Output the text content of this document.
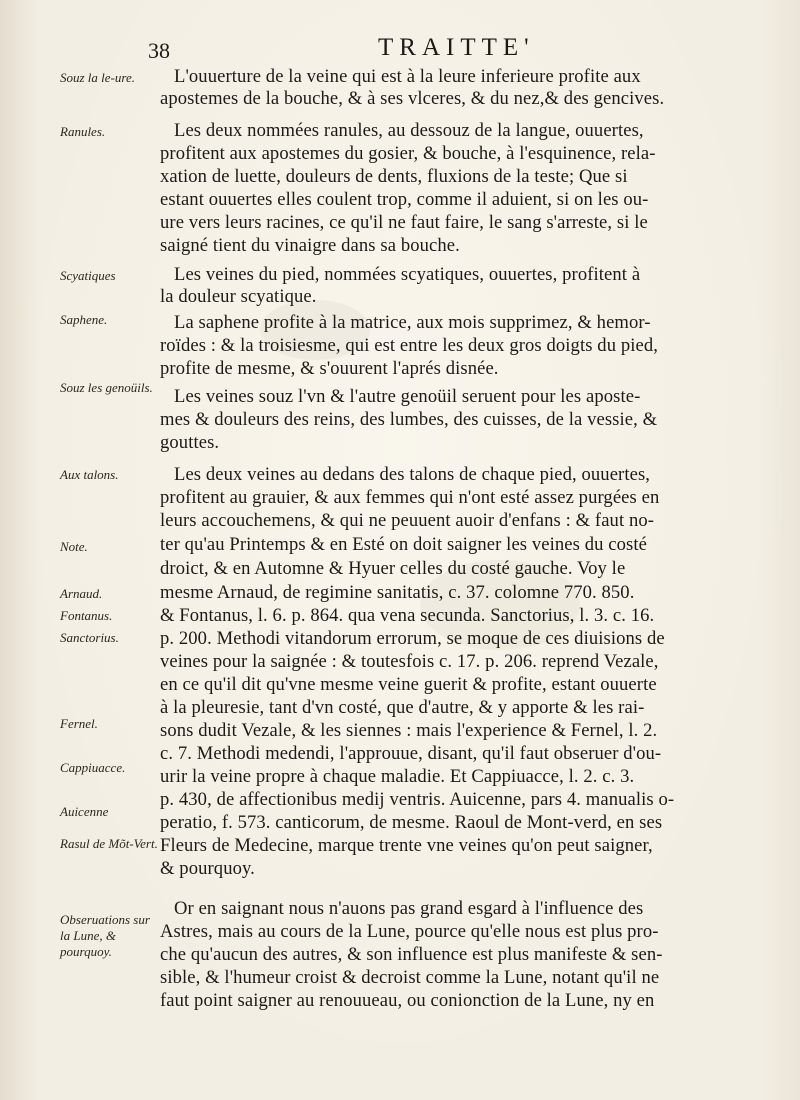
38	TRAITTE'
Souz la le-ure.
Ranules.
Scyatiques
Saphene.
Souz les genoüils.
Aux talons.
Note.
Arnaud.
Fontanus.
Sanctorius.
Fernel.
Cappiuacce.
Auicenne
Rasul de Mõt-Vert.
Obseruations sur la Lune, & pourquoy.
L'ouuerture de la veine qui est à la leure inferieure profite aux
apostemes de la bouche, & à ses vlceres, & du nez,& des gencives.
Les deux nommées ranules, au dessouz de la langue, ouuertes,
profitent aux apostemes du gosier, & bouche, à l'esquinence, rela-
xation de luette, douleurs de dents, fluxions de la teste; Que si
estant ouuertes elles coulent trop, comme il aduient, si on les ou-
ure vers leurs racines, ce qu'il ne faut faire, le sang s'arreste, si le
saigné tient du vinaigre dans sa bouche.
Les veines du pied, nommées scyatiques, ouuertes, profitent à
la douleur scyatique.
La saphene profite à la matrice, aux mois supprimez, & hemor-
roïdes : & la troisiesme, qui est entre les deux gros doigts du pied,
profite de mesme, & s'ouurent l'aprés disnée.
Les veines souz l'vn & l'autre genoüil seruent pour les aposte-
mes & douleurs des reins, des lumbes, des cuisses, de la vessie, &
gouttes.
Les deux veines au dedans des talons de chaque pied, ouuertes,
profitent au grauier, & aux femmes qui n'ont esté assez purgées en
leurs accouchemens, & qui ne peuuent auoir d'enfans : & faut no-
ter qu'au Printemps & en Esté on doit saigner les veines du costé
droict, & en Automne & Hyuer celles du costé gauche. Voy le
mesme Arnaud, de regimine sanitatis, c. 37. colomne 770. 850.
& Fontanus, l. 6. p. 864. qua vena secunda. Sanctorius, l. 3. c. 16.
p. 200. Methodi vitandorum errorum, se moque de ces diuisions de
veines pour la saignée : & toutesfois c. 17. p. 206. reprend Vezale,
en ce qu'il dit qu'vne mesme veine guerit & profite, estant ouuerte
à la pleuresie, tant d'vn costé, que d'autre, & y apporte & les rai-
sons dudit Vezale, & les siennes : mais l'experience & Fernel, l. 2.
c. 7. Methodi medendi, l'approuue, disant, qu'il faut obseruer d'ou-
urir la veine propre à chaque maladie. Et Cappiuacce, l. 2. c. 3.
p. 430, de affectionibus medij ventris. Auicenne, pars 4. manualis o-
peratio, f. 573. canticorum, de mesme. Raoul de Mont-verd, en ses
Fleurs de Medecine, marque trente vne veines qu'on peut saigner,
& pourquoy.
Or en saignant nous n'auons pas grand esgard à l'influence des
Astres, mais au cours de la Lune, pource qu'elle nous est plus pro-
che qu'aucun des autres, & son influence est plus manifeste & sen-
sible, & l'humeur croist & decroist comme la Lune, notant qu'il ne
faut point saigner au renouueau, ou conionction de la Lune, ny en
